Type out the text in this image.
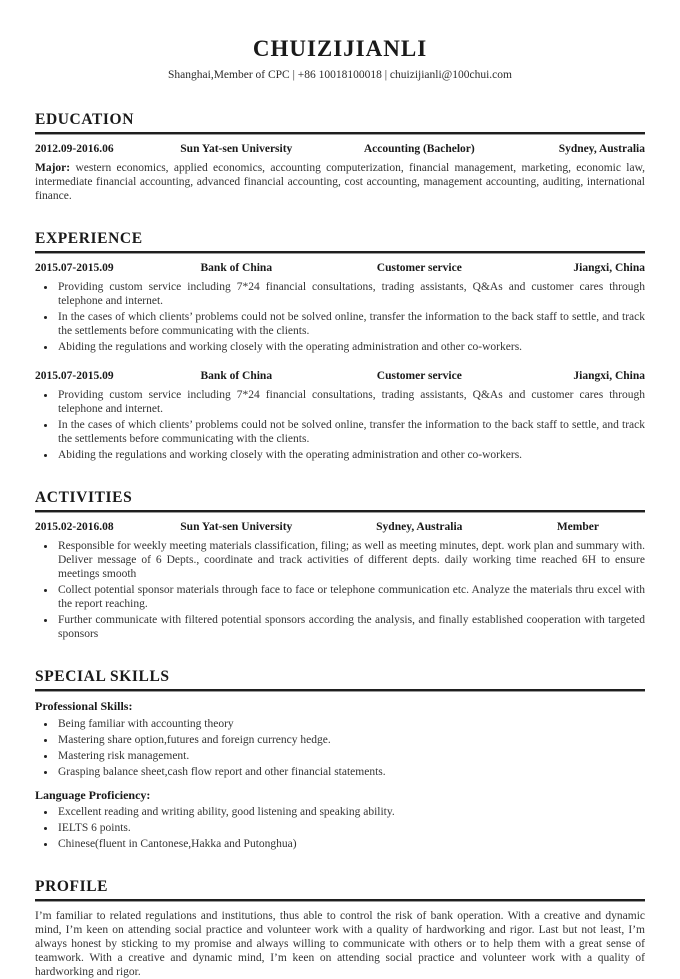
CHUIZIJIANLI
Shanghai,Member of CPC | +86 10018100018 | chuizijianli@100chui.com
EDUCATION
2012.09-2016.06	Sun Yat-sen University	Accounting (Bachelor)	Sydney, Australia

Major: western economics, applied economics, accounting computerization, financial management, marketing, economic law, intermediate financial accounting, advanced financial accounting, cost accounting, management accounting, auditing, international finance.

EXPERIENCE
2015.07-2015.09	Bank of China	Customer service	Jiangxi, China
• Providing custom service including 7*24 financial consultations, trading assistants, Q&As and customer cares through telephone and internet.
• In the cases of which clients’ problems could not be solved online, transfer the information to the back staff to settle, and track the settlements before communicating with the clients.
• Abiding the regulations and working closely with the operating administration and other co-workers.
2015.07-2015.09	Bank of China	Customer service	Jiangxi, China
• Providing custom service including 7*24 financial consultations, trading assistants, Q&As and customer cares through telephone and internet.
• In the cases of which clients’ problems could not be solved online, transfer the information to the back staff to settle, and track the settlements before communicating with the clients.
• Abiding the regulations and working closely with the operating administration and other co-workers.
ACTIVITIES
2015.02-2016.08	Sun Yat-sen University	Sydney, Australia	Member
• Responsible for weekly meeting materials classification, filing; as well as meeting minutes, dept. work plan and summary with. Deliver message of 6 Depts., coordinate and track activities of different depts. daily working time reached 6H to ensure meetings smooth
• Collect potential sponsor materials through face to face or telephone communication etc. Analyze the materials thru excel with the report reaching.
• Further communicate with filtered potential sponsors according the analysis, and finally established cooperation with targeted sponsors
SPECIAL SKILLS

Professional Skills:

• Being familiar with accounting theory
• Mastering share option,futures and foreign currency hedge.
• Mastering risk management.
• Grasping balance sheet,cash flow report and other financial statements.

Language Proficiency:

• Excellent reading and writing ability, good listening and speaking ability.
• IELTS 6 points.
• Chinese(fluent in Cantonese,Hakka and Putonghua)
PROFILE

I’m familiar to related regulations and institutions, thus able to control the risk of bank operation. With a creative and dynamic mind, I’m keen on attending social practice and volunteer work with a quality of hardworking and rigor. Last but not least, I’m always honest by sticking to my promise and always willing to communicate with others or to help them with a great sense of teamwork. With a creative and dynamic mind, I’m keen on attending social practice and volunteer work with a quality of hardworking and rigor.
